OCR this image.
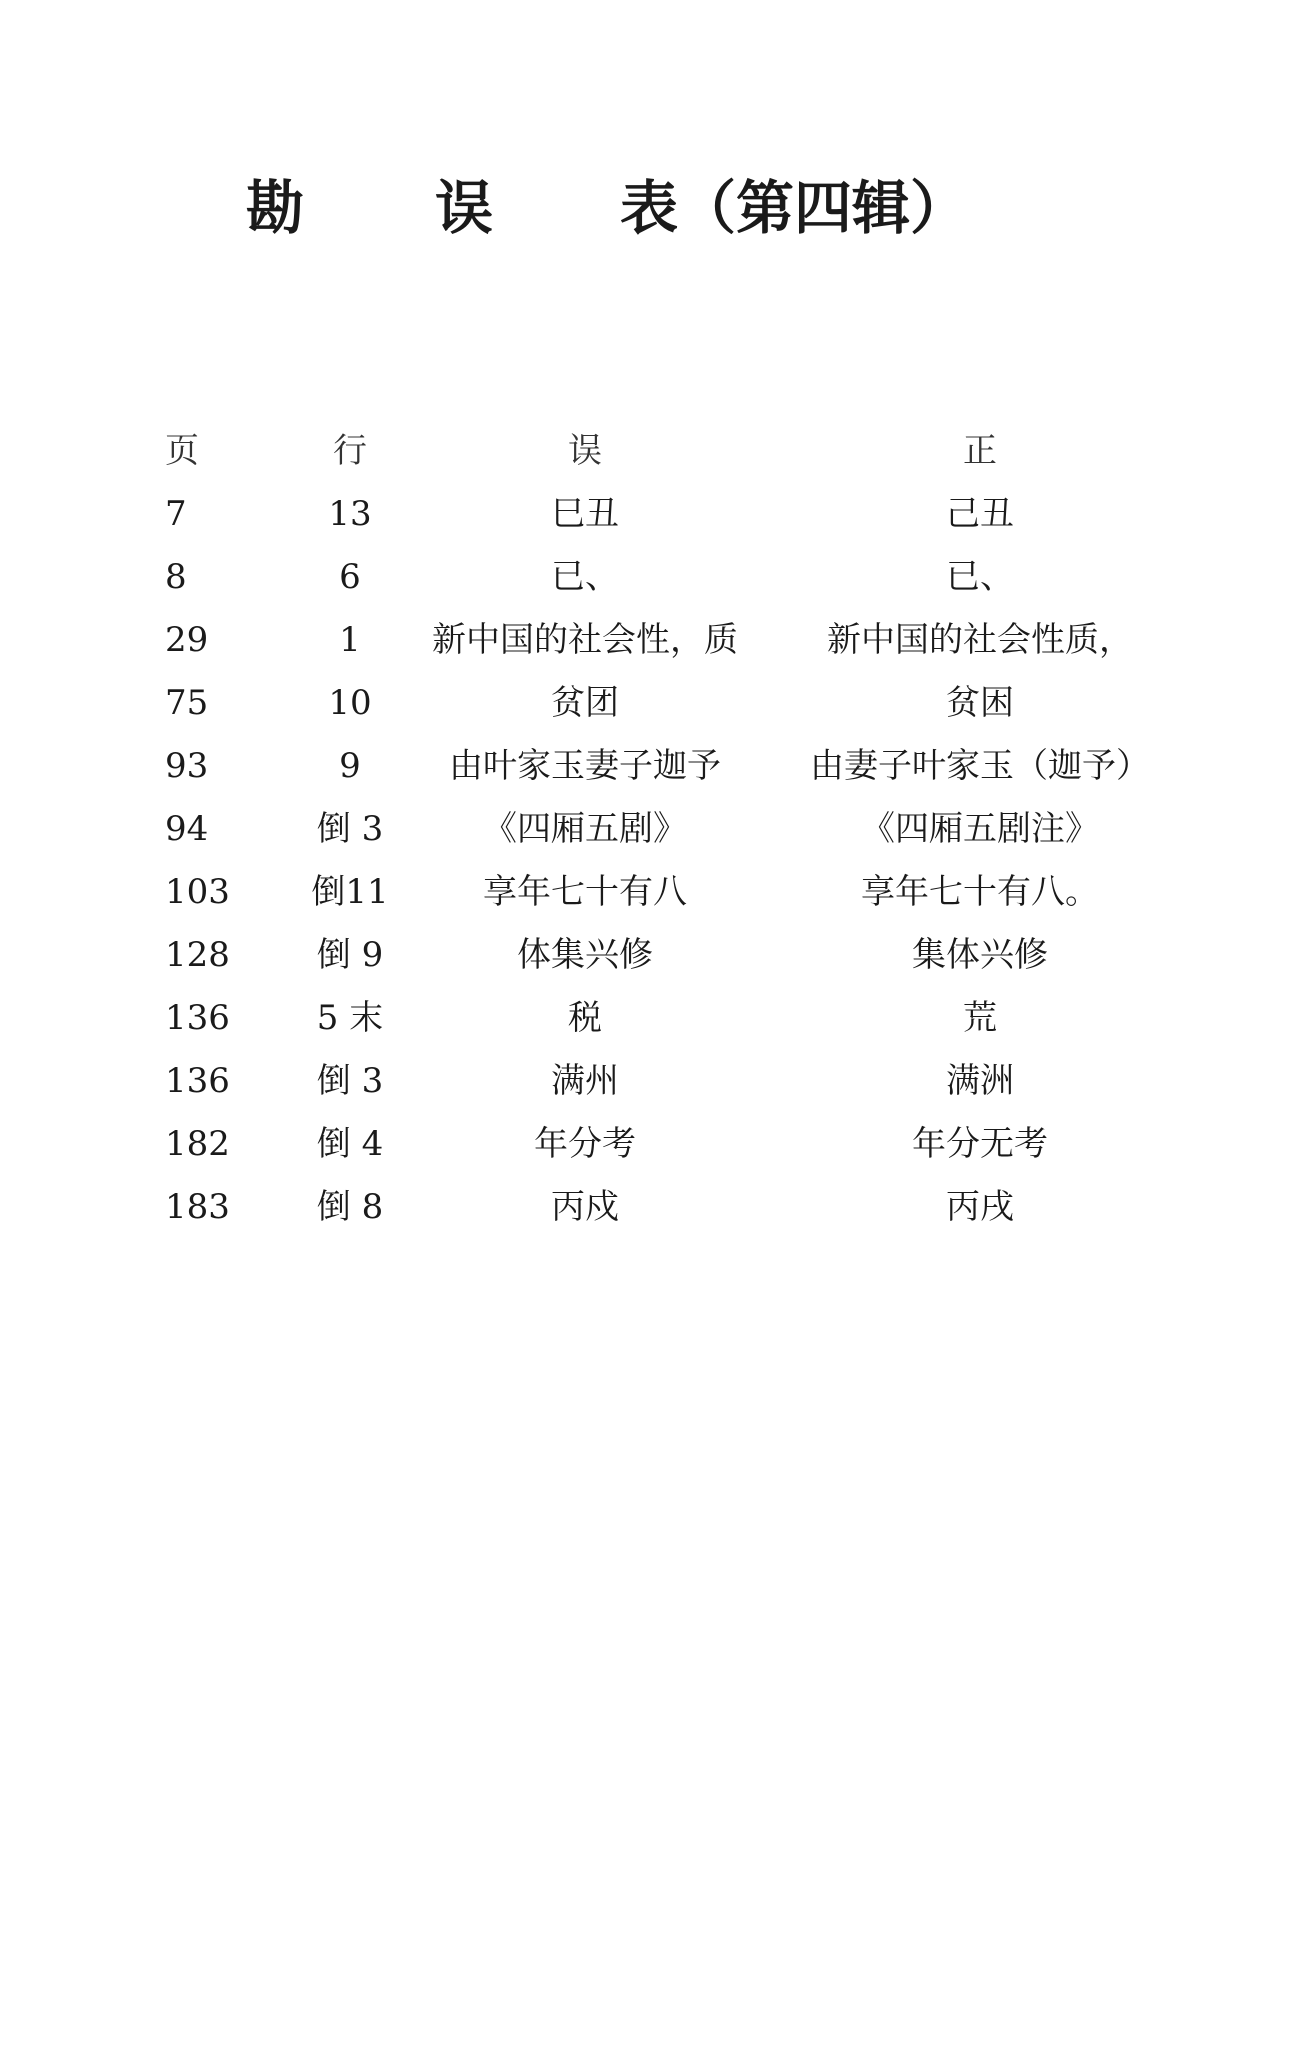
勘 误 表（第四辑）
页	行	误	正
7	13	巳丑	己丑
8	6	已、	已、
29	1	新中国的社会性，质	新中国的社会性质，
75	10	贫团	贫困
93	9	由叶家玉妻子迦予	由妻子叶家玉（迦予）
94	倒 3	《四厢五剧》	《四厢五剧注》
103	倒11	享年七十有八	享年七十有八。
128	倒 9	体集兴修	集体兴修
136	5 末	税	荒
136	倒 3	满州	满洲
182	倒 4	年分考	年分无考
183	倒 8	丙戍	丙戌
